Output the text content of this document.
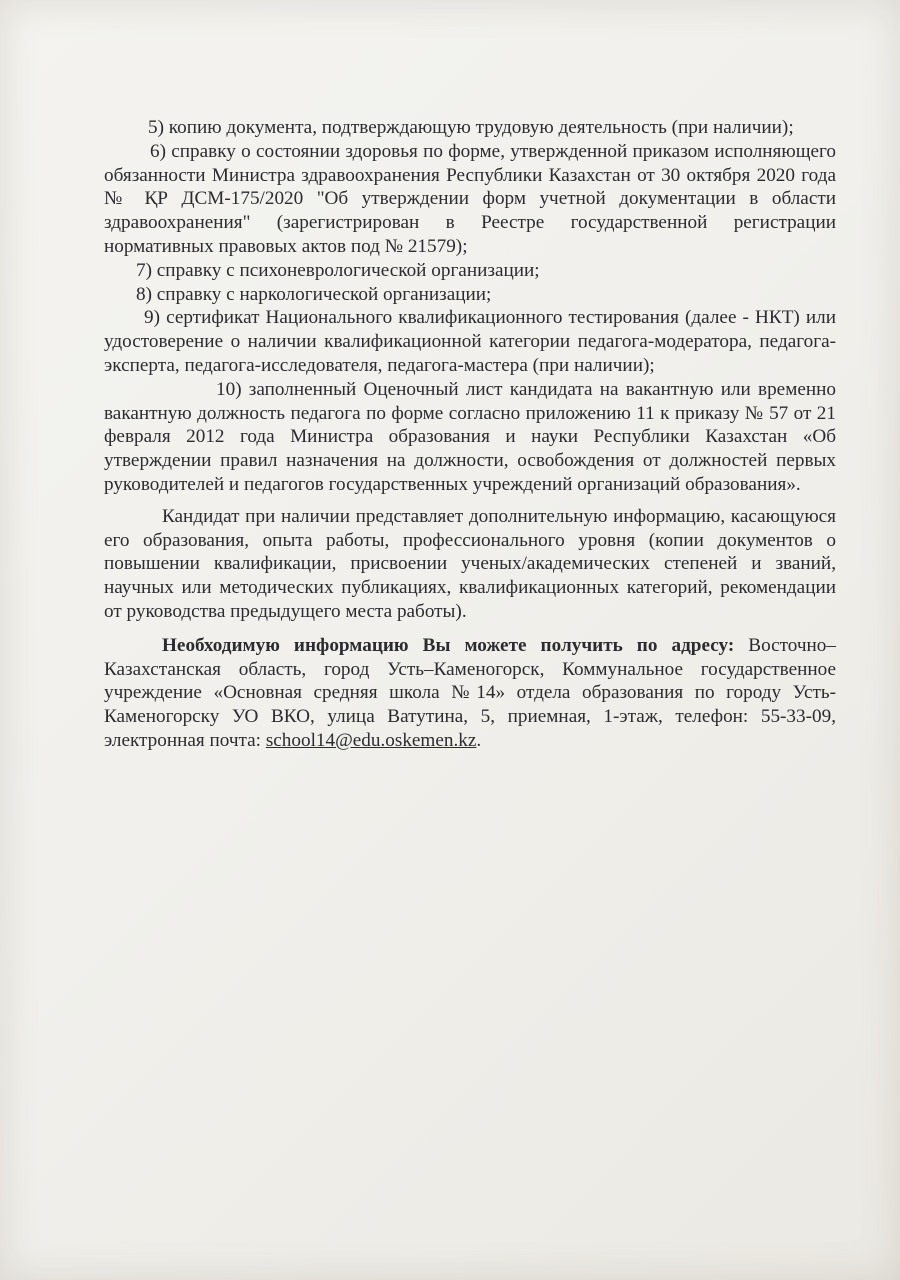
5) копию документа, подтверждающую трудовую деятельность (при наличии);

6) справку о состоянии здоровья по форме, утвержденной приказом исполняющего обязанности Министра здравоохранения Республики Казахстан от 30 октября 2020 года № ҚР ДСМ-175/2020 "Об утверждении форм учетной документации в области здравоохранения" (зарегистрирован в Реестре государственной регистрации нормативных правовых актов под № 21579);

7) справку с психоневрологической организации;

8) справку с наркологической организации;

9) сертификат Национального квалификационного тестирования (далее - НКТ) или удостоверение о наличии квалификационной категории педагога-модератора, педагога-эксперта, педагога-исследователя, педагога-мастера (при наличии);

10) заполненный Оценочный лист кандидата на вакантную или временно вакантную должность педагога по форме согласно приложению 11 к приказу № 57 от 21 февраля 2012 года Министра образования и науки Республики Казахстан «Об утверждении правил назначения на должности, освобождения от должностей первых руководителей и педагогов государственных учреждений организаций образования».

Кандидат при наличии представляет дополнительную информацию, касающуюся его образования, опыта работы, профессионального уровня (копии документов о повышении квалификации, присвоении ученых/академических степеней и званий, научных или методических публикациях, квалификационных категорий, рекомендации от руководства предыдущего места работы).

Необходимую информацию Вы можете получить по адресу: Восточно–Казахстанская область, город Усть–Каменогорск, Коммунальное государственное учреждение «Основная средняя школа №14» отдела образования по городу Усть-Каменогорску УО ВКО, улица Ватутина, 5, приемная, 1-этаж, телефон: 55-33-09, электронная почта: school14@edu.oskemen.kz.
